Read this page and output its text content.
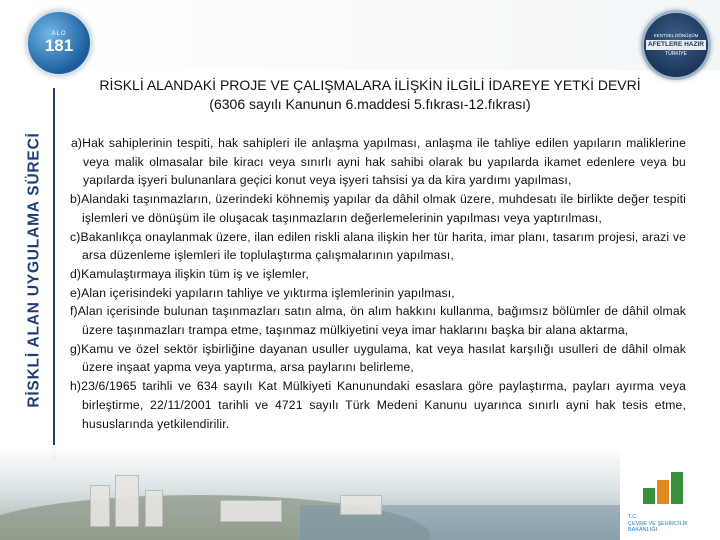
ALO
181
KENTSEL DÖNÜŞÜM
AFETLERE HAZIR
TÜRKİYE
RİSKLİ ALAN UYGULAMA SÜRECİ
RİSKLİ ALANDAKİ PROJE VE ÇALIŞMALARA İLİŞKİN İLGİLİ İDAREYE YETKİ DEVRİ
(6306 sayılı Kanunun 6.maddesi 5.fıkrası-12.fıkrası)

a)Hak sahiplerinin tespiti, hak sahipleri ile anlaşma yapılması, anlaşma ile tahliye edilen yapıların maliklerine veya malik olmasalar bile kiracı veya sınırlı ayni hak sahibi olarak bu yapılarda ikamet edenlere veya bu yapılarda işyeri bulunanlara geçici konut veya işyeri tahsisi ya da kira yardımı yapılması,

b)Alandaki taşınmazların, üzerindeki köhnemiş yapılar da dâhil olmak üzere, muhdesatı ile birlikte değer tespiti işlemleri ve dönüşüm ile oluşacak taşınmazların değerlemelerinin yapılması veya yaptırılması,

c)Bakanlıkça onaylanmak üzere, ilan edilen riskli alana ilişkin her tür harita, imar planı, tasarım projesi, arazi ve arsa düzenleme işlemleri ile toplulaştırma çalışmalarının yapılması,

d)Kamulaştırmaya ilişkin tüm iş ve işlemler,

e)Alan içerisindeki yapıların tahliye ve yıktırma işlemlerinin yapılması,

f)Alan içerisinde bulunan taşınmazları satın alma, ön alım hakkını kullanma, bağımsız bölümler de dâhil olmak üzere taşınmazları trampa etme, taşınmaz mülkiyetini veya imar haklarını başka bir alana aktarma,

g)Kamu ve özel sektör işbirliğine dayanan usuller uygulama, kat veya hasılat karşılığı usulleri de dâhil olmak üzere inşaat yapma veya yaptırma, arsa paylarını belirleme,

h)23/6/1965 tarihli ve 634 sayılı Kat Mülkiyeti Kanunundaki esaslara göre paylaştırma, payları ayırma veya birleştirme, 22/11/2001 tarihli ve 4721 sayılı Türk Medeni Kanunu uyarınca sınırlı ayni hak tesis etme, hususlarında yetkilendirilir.

T.C.
ÇEVRE VE ŞEHİRCİLİK
BAKANLIĞI
